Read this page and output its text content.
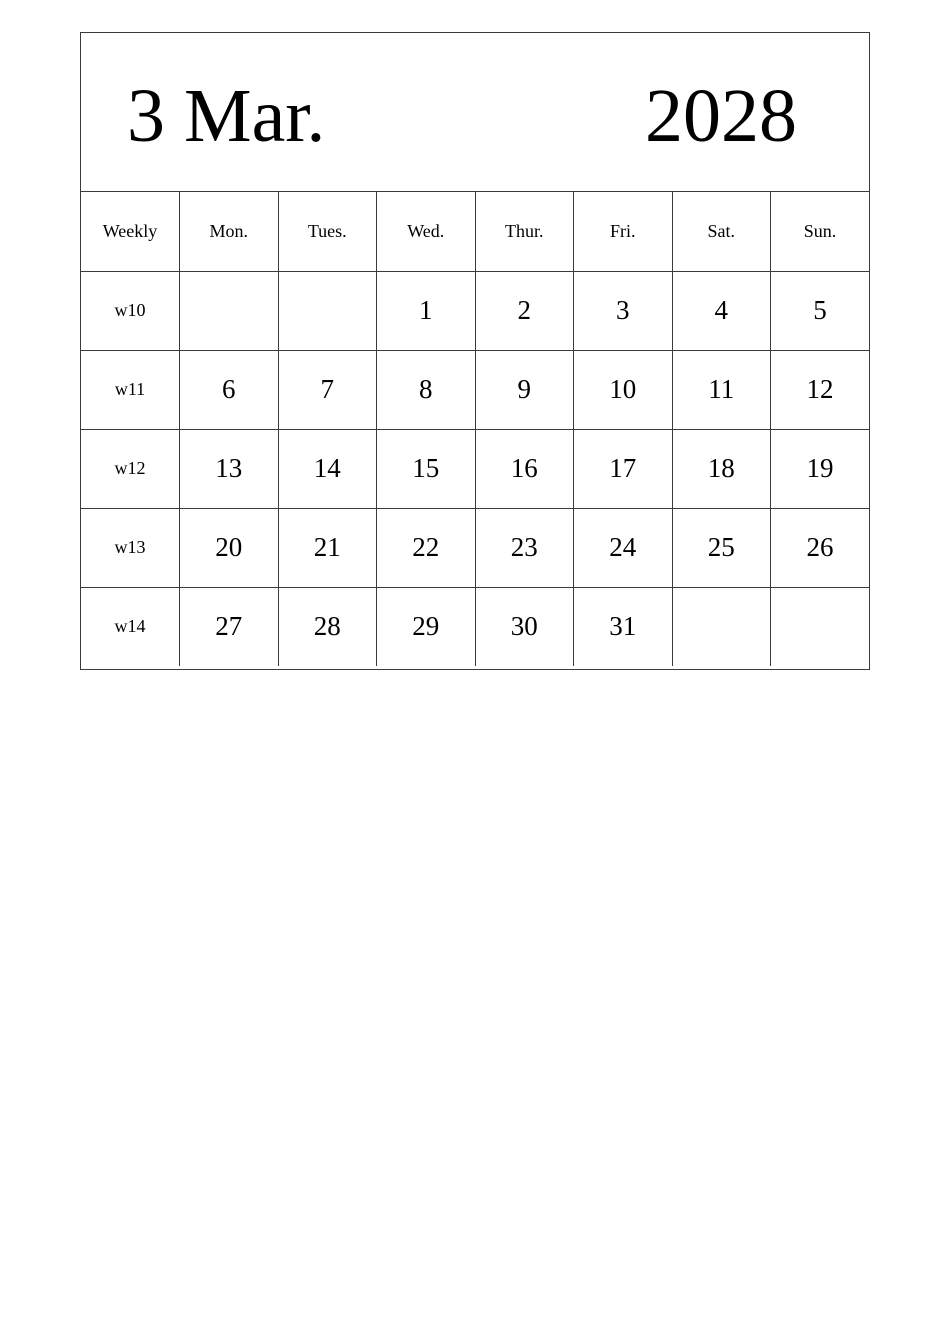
3 Mar.	2028
Weekly	Mon.	Tues.	Wed.	Thur.	Fri.	Sat.	Sun.
w10			1	2	3	4	5
w11	6	7	8	9	10	11	12
w12	13	14	15	16	17	18	19
w13	20	21	22	23	24	25	26
w14	27	28	29	30	31		
